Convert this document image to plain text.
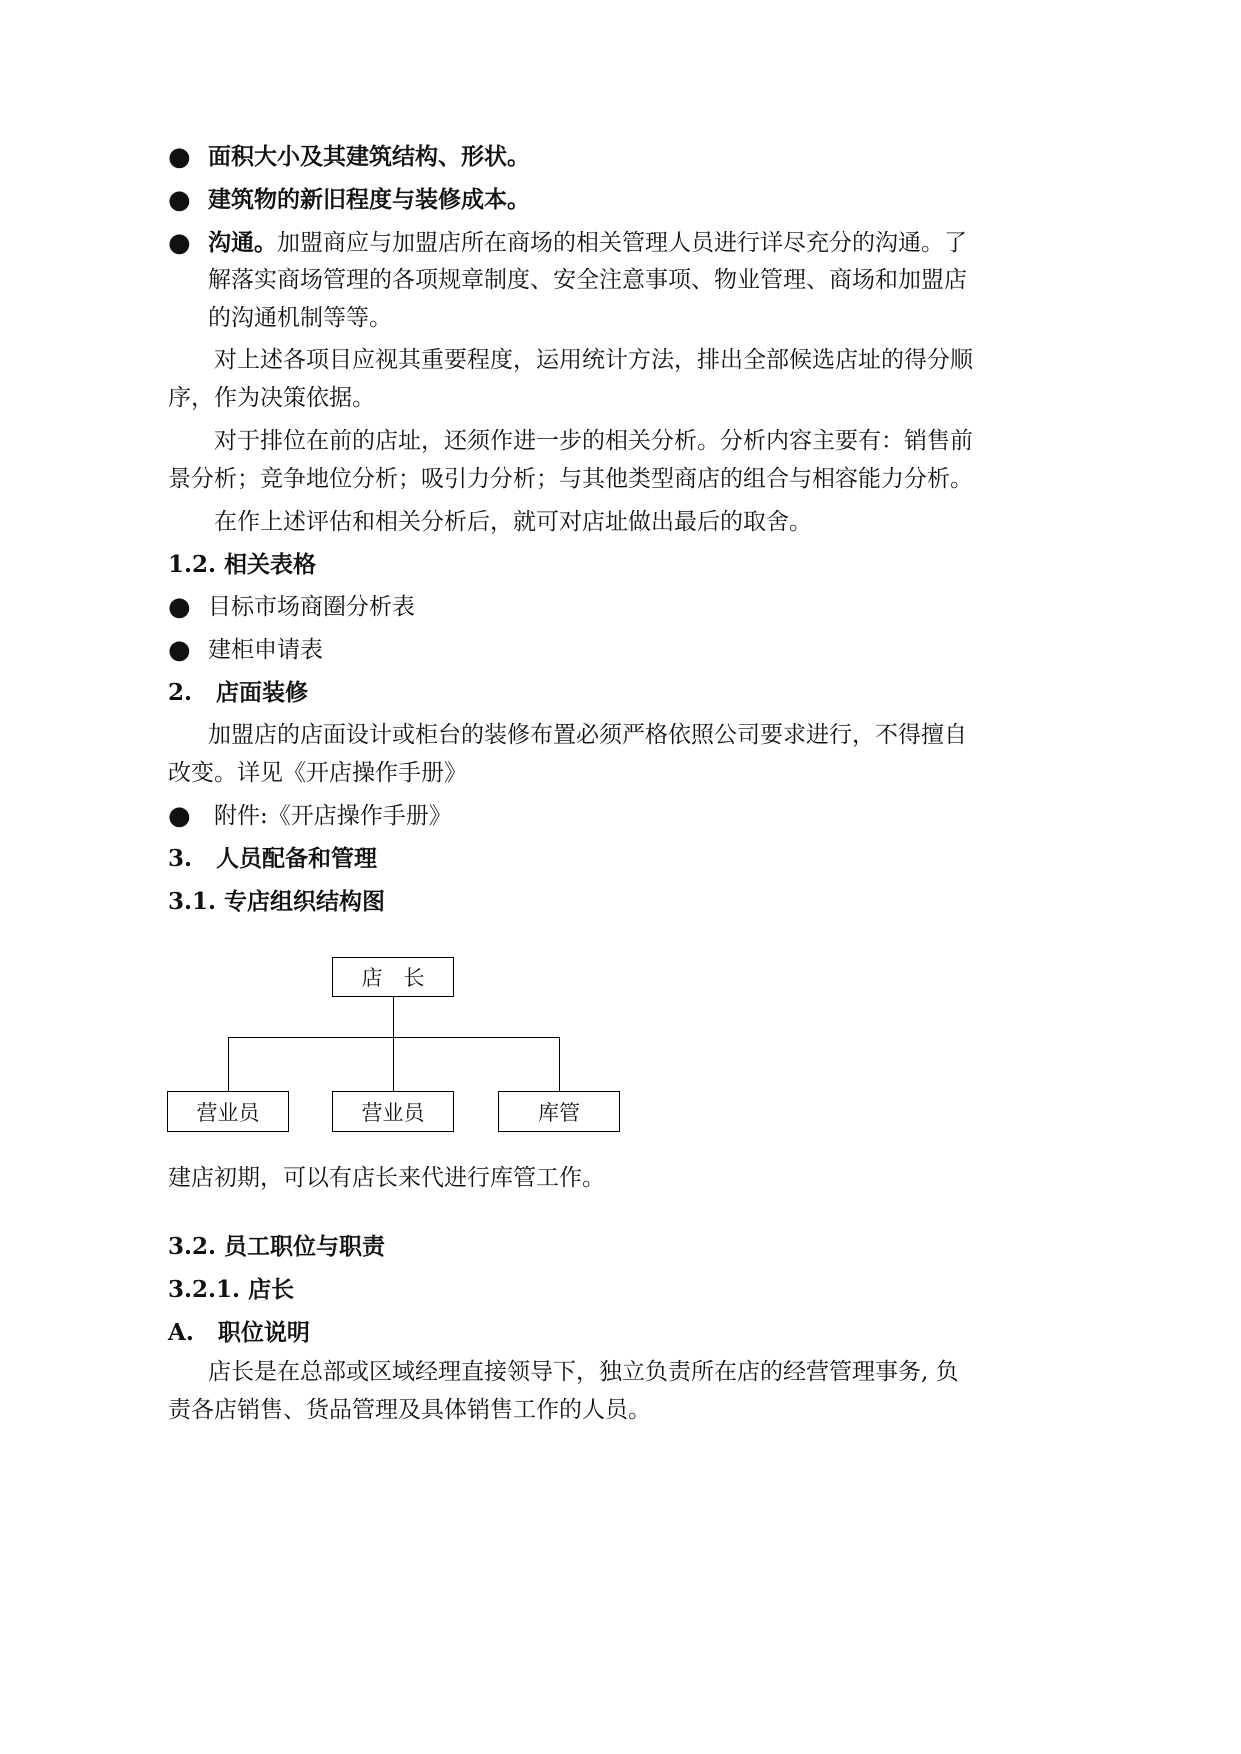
● 面积大小及其建筑结构、形状。
● 建筑物的新旧程度与装修成本。
● 沟通。加盟商应与加盟店所在商场的相关管理人员进行详尽充分的沟通。了
解落实商场管理的各项规章制度、安全注意事项、物业管理、商场和加盟店
的沟通机制等等。
对上述各项目应视其重要程度，运用统计方法，排出全部候选店址的得分顺
序，作为决策依据。
对于排位在前的店址，还须作进一步的相关分析。分析内容主要有：销售前
景分析；竞争地位分析；吸引力分析；与其他类型商店的组合与相容能力分析。
在作上述评估和相关分析后，就可对店址做出最后的取舍。
1.2. 相关表格
● 目标市场商圈分析表
● 建柜申请表
2. 店面装修
加盟店的店面设计或柜台的装修布置必须严格依照公司要求进行，不得擅自
改变。详见《开店操作手册》
● 附件:《开店操作手册》
3. 人员配备和管理
3.1. 专店组织结构图
店　长
营业员	营业员	库管
建店初期，可以有店长来代进行库管工作。
3.2. 员工职位与职责
3.2.1. 店长
A. 职位说明
店长是在总部或区域经理直接领导下，独立负责所在店的经营管理事务, 负
责各店销售、货品管理及具体销售工作的人员。
